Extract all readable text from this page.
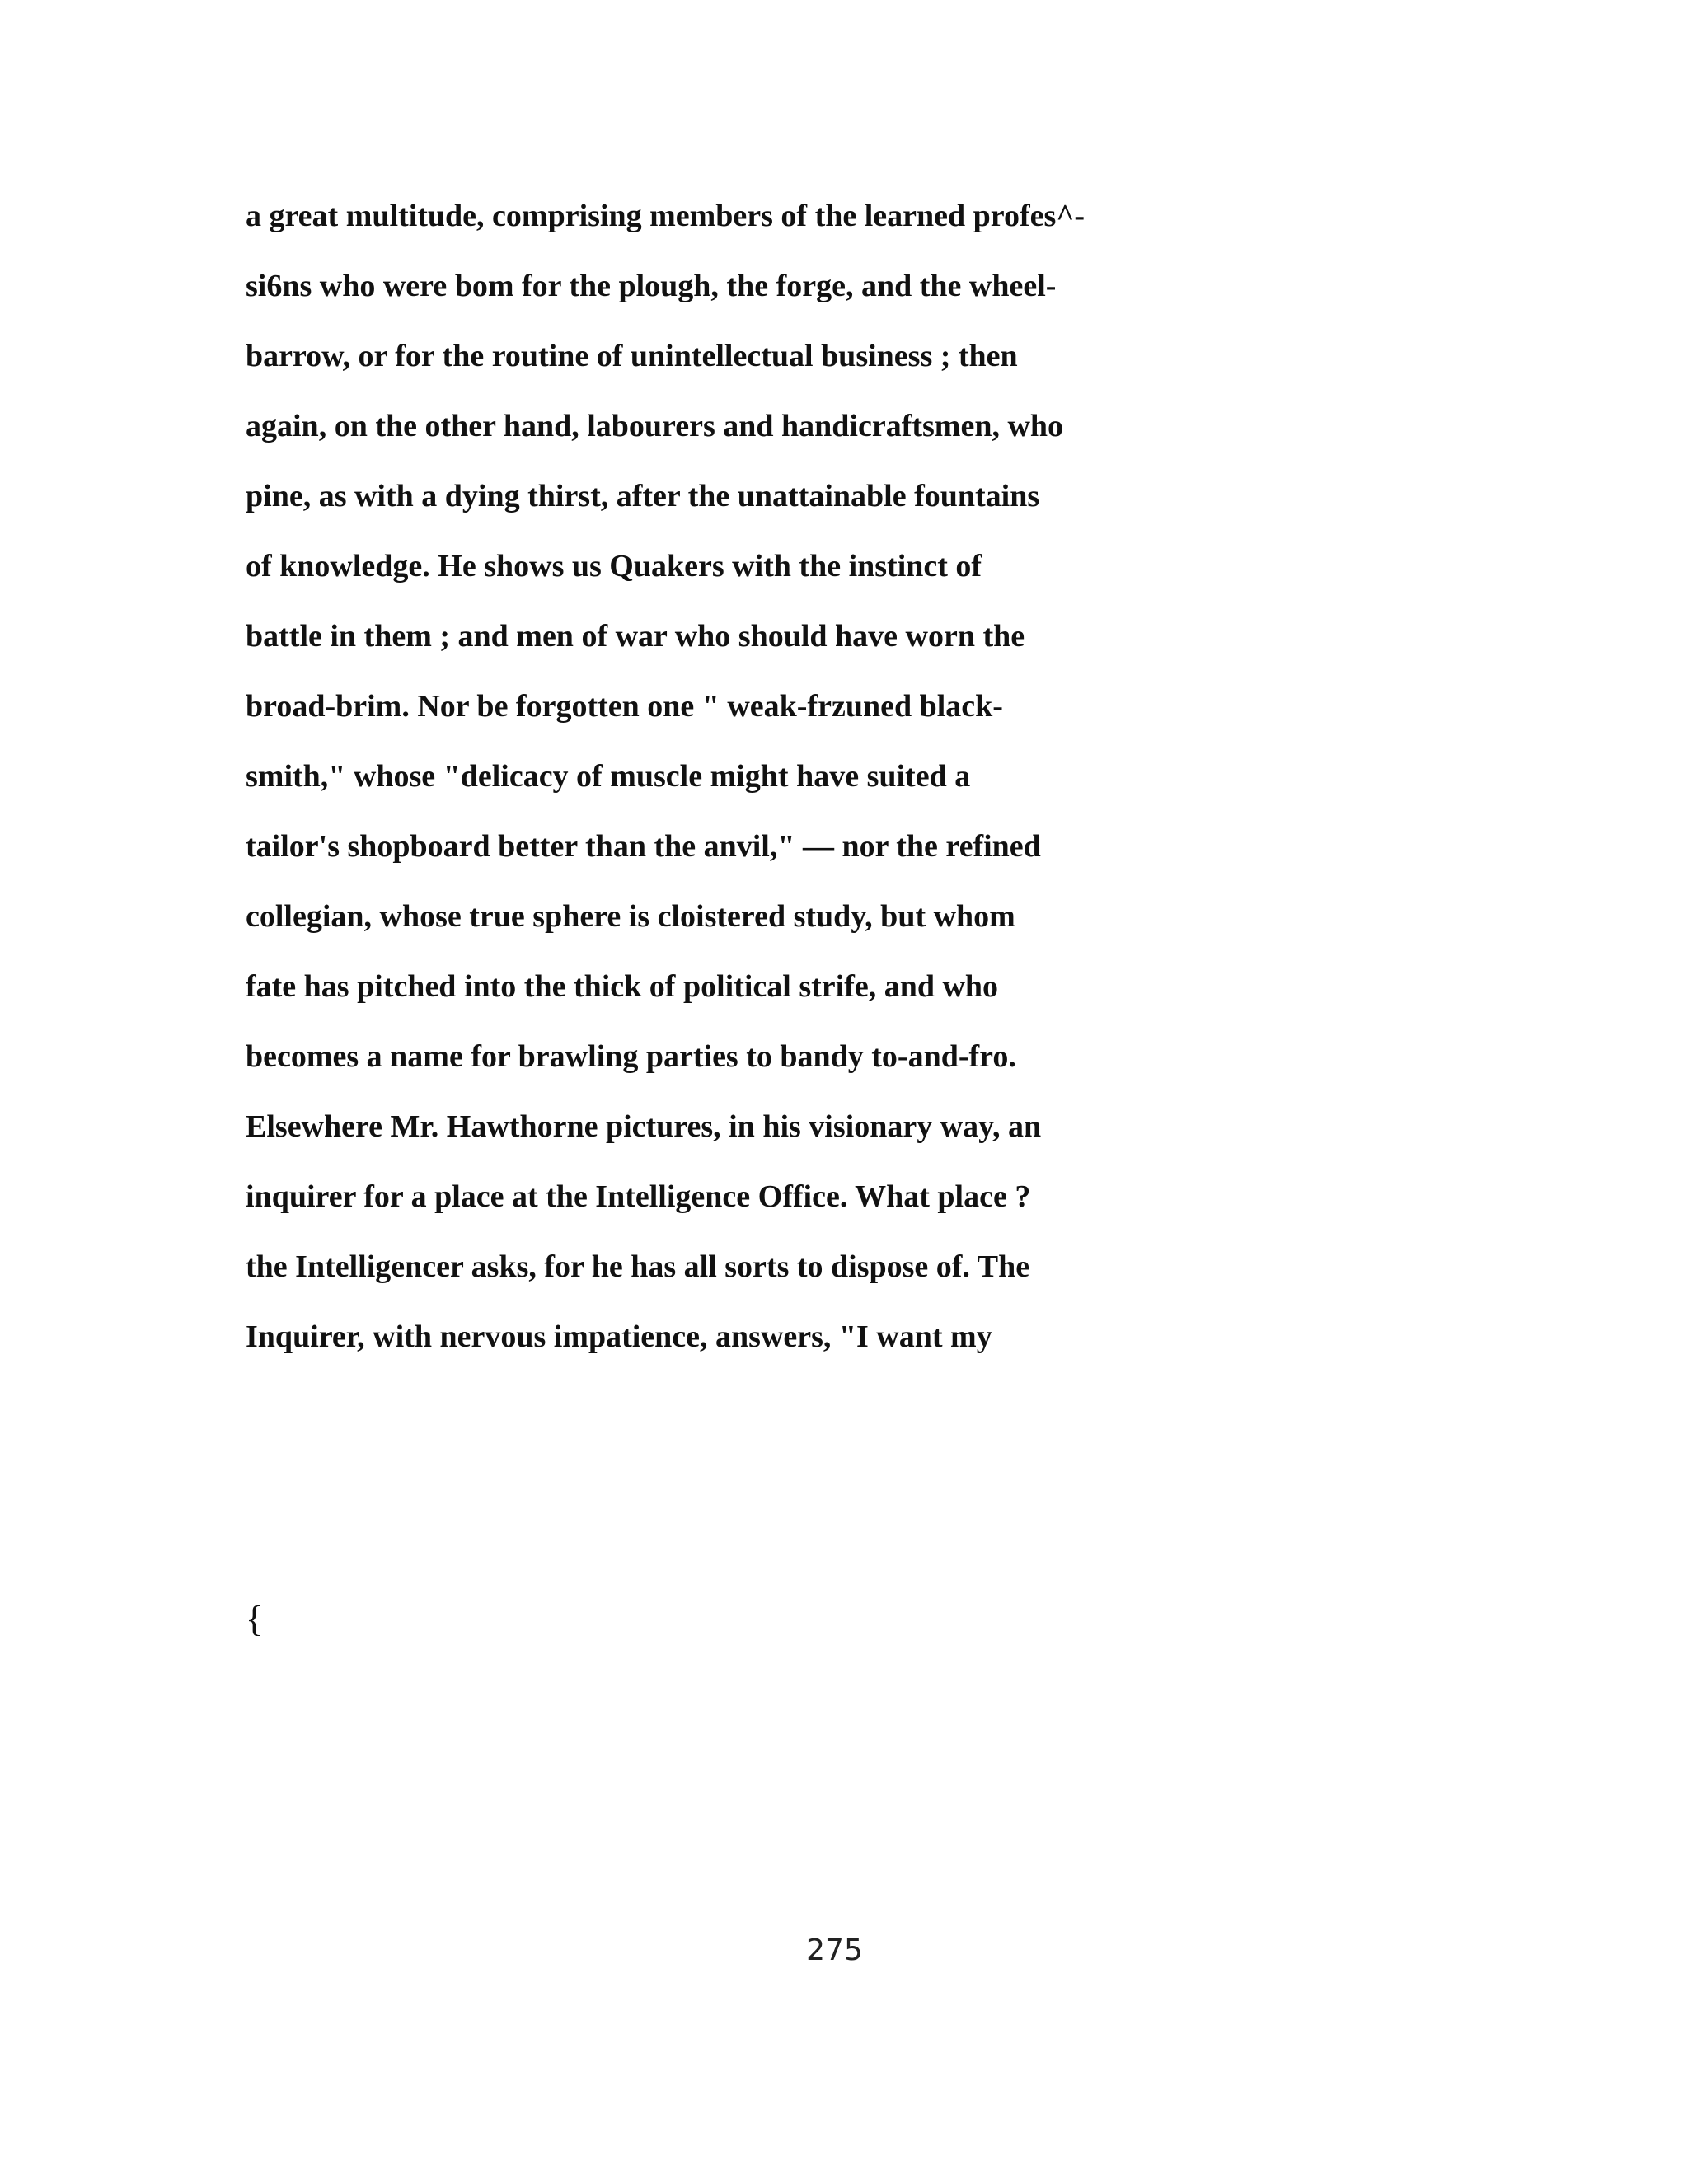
a great multitude, comprising members of the learned profes^-
si6ns who were bom for the plough, the forge, and the wheel-
barrow, or for the routine of unintellectual business ; then
again, on the other hand, labourers and handicraftsmen, who
pine, as with a dying thirst, after the unattainable fountains
of knowledge. He shows us Quakers with the instinct of
battle in them ; and men of war who should have worn the
broad-brim. Nor be forgotten one " weak-frzuned black-
smith," whose "delicacy of muscle might have suited a
tailor's shopboard better than the anvil," — nor the refined
collegian, whose true sphere is cloistered study, but whom
fate has pitched into the thick of political strife, and who
becomes a name for brawling parties to bandy to-and-fro.
Elsewhere Mr. Hawthorne pictures, in his visionary way, an
inquirer for a place at the Intelligence Office. What place ?
the Intelligencer asks, for he has all sorts to dispose of. The
Inquirer, with nervous impatience, answers, "I want my
{
275
